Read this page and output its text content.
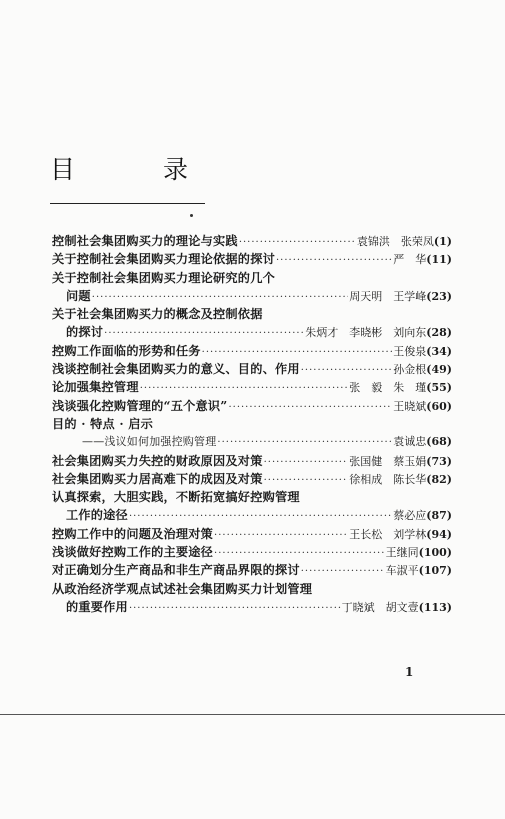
目 录
控制社会集团购买力的理论与实践 ·····	袁锦洪　张荣凤 (1)
关于控制社会集团购买力理论依据的探讨 ·····	严　华 (11)
关于控制社会集团购买力理论研究的几个
问题 ·····	周天明　王学峰 (23)
关于社会集团购买力的概念及控制依据
的探讨 ·····	朱炳才　李晓彬　刘向东 (28)
控购工作面临的形势和任务 ·····	王俊泉 (34)
浅谈控制社会集团购买力的意义、目的、作用 ·····	孙金根 (49)
论加强集控管理 ·····	张　毅　朱　瑾 (55)
浅谈强化控购管理的“五个意识” ·····	王晓斌 (60)
目的 · 特点 · 启示
——浅议如何加强控购管理 ·····	袁诚忠 (68)
社会集团购买力失控的财政原因及对策 ·····	张国健　蔡玉娟 (73)
社会集团购买力居高难下的成因及对策 ·····	徐相成　陈长华 (82)
认真探索，大胆实践，不断拓宽搞好控购管理
工作的途径 ·····	蔡必应 (87)
控购工作中的问题及治理对策 ·····	王长松　刘学林 (94)
浅谈做好控购工作的主要途径 ·····	王继同 (100)
对正确划分生产商品和非生产商品界限的探讨 ·····	车淑平 (107)
从政治经济学观点试述社会集团购买力计划管理
的重要作用 ·····	丁晓斌　胡文壹 (113)
1
